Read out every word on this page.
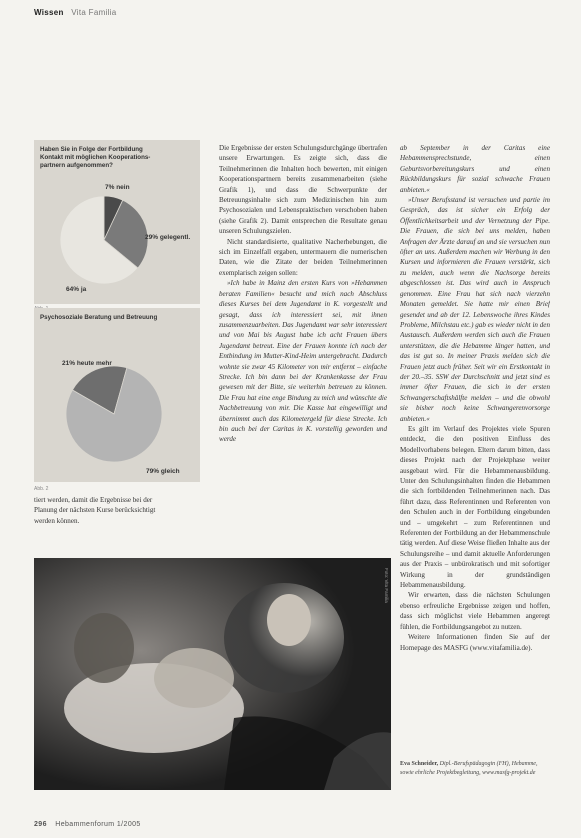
Wissen Vita Familia
Haben Sie in Folge der Fortbildung
Kontakt mit möglichen Kooperations-
partnern aufgenommen?
7% nein
29% gelegentl.
64% ja
Psychosoziale Beratung und Betreuung
21% heute mehr
79% gleich
Abb. 2

tiert werden, damit die Ergebnisse bei der

Planung der nächsten Kurse berücksichtigt

werden können.

Die Ergebnisse der ersten Schulungsdurchgänge übertrafen unsere Erwartungen. Es zeigte sich, dass die Teilnehmerinnen die Inhalten hoch bewerten, mit einigen Kooperationspartnern bereits zusammenarbeiten (siehe Grafik 1), und dass die Schwerpunkte der Betreuungsinhalte sich zum Medizinischen hin zum Psychosozialen und Lebenspraktischen verschoben haben (siehe Grafik 2). Damit entsprechen die Resultate genau unseren Schulungszielen.

Nicht standardisierte, qualitative Nacherhebungen, die sich im Einzelfall ergaben, untermauern die numerischen Daten, wie die Zitate der beiden Teilnehmerinnen exemplarisch zeigen sollen:

»Ich habe in Mainz den ersten Kurs von »Hebammen beraten Familien« besucht und mich nach Abschluss dieses Kurses bei dem Jugendamt in K. vorgestellt und gesagt, dass ich interessiert sei, mit ihnen zusammenzuarbeiten. Das Jugendamt war sehr interessiert und von Mai bis August habe ich acht Frauen übers Jugendamt betreut. Eine der Frauen konnte ich nach der Entbindung im Mutter-Kind-Heim untergebracht. Dadurch wohnte sie zwar 45 Kilometer von mir entfernt – einfache Strecke. Ich bin dann bei der Krankenkasse der Frau gewesen mit der Bitte, sie weiterhin betreuen zu können. Die Frau hat eine enge Bindung zu mich und wünschte die Nachbetreuung von mir. Die Kasse hat eingewilligt und übernimmt auch das Kilometergeld für diese Strecke. Ich bin auch bei der Caritas in K. vorstellig geworden und werde

ab September in der Caritas eine Hebammensprechstunde, einen Geburtsvorbereitungskurs und einen Rückbildungskurs für sozial schwache Frauen anbieten.«

»Unser Berufsstand ist versuchen und partie im Gespräch, das ist sicher ein Erfolg der Öffentlichkeitsarbeit und der Vernetzung der Pipe. Die Frauen, die sich bei uns melden, haben Anfragen der Ärzte darauf an und sie versuchen nun öfter an uns. Außerdem machen wir Werbung in den Kursen und informieren die Frauen verstärkt, sich zu melden, auch wenn die Nachsorge bereits abgeschlossen ist. Das wird auch in Anspruch genommen. Eine Frau hat sich nach vierzehn Monaten gemeldet. Sie hatte mir einen Brief gesendet und ab der 12. Lebenswoche ihres Kindes Probleme, Milchstau etc.) gab es wieder nicht in den Austausch. Außerdem werden sich auch die Frauen unterstützen, die die Hebamme länger hatten, und das ist gut so. In meiner Praxis melden sich die Frauen jetzt auch früher. Seit wir ein Erstkontakt in der 20.–35. SSW der Durchschnitt und jetzt sind es immer öfter Frauen, die sich in der ersten Schwangerschaftshälfte melden – und die obwohl sie bisher noch keine Schwangerenvorsorge anbieten.«

Es gilt im Verlauf des Projektes viele Spuren entdeckt, die den positiven Einfluss des Modellvorhabens belegen. Eltern darum bitten, dass dieses Projekt nach der Projektphase weiter ausgebaut wird. Für die Hebammenausbildung. Unter den Schulungsinhalten finden die Hebammen die sich fortbildenden Teilnehmerinnen nach. Das führt dazu, dass Referentinnen und Referenten von den Schulen auch in der Fortbildung eingebunden und – umgekehrt – zum Referentinnen und Referenten der Fortbildung an der Hebammenschule tätig werden. Auf diese Weise fließen Inhalte aus der Schulungsreihe – und damit aktuelle Anforderungen aus der Praxis – unbürokratisch und mit sofortiger Wirkung in der grundständigen Hebammenausbildung.

Wir erwarten, dass die nächsten Schulungen ebenso erfreuliche Ergebnisse zeigen und hoffen, dass sich möglichst viele Hebammen angeregt fühlen, die Fortbildungsangebot zu nutzen.

Weitere Informationen finden Sie auf der Homepage des MASFG (www.vitafamilia.de).

Eva Schneider, Dipl.-Berufspädagogin (FH), Hebamme, sowie ehrliche Projektbegleitung, www.masfg-projekt.de
Foto: Vita Familia
296 Hebammenforum 1/2005
